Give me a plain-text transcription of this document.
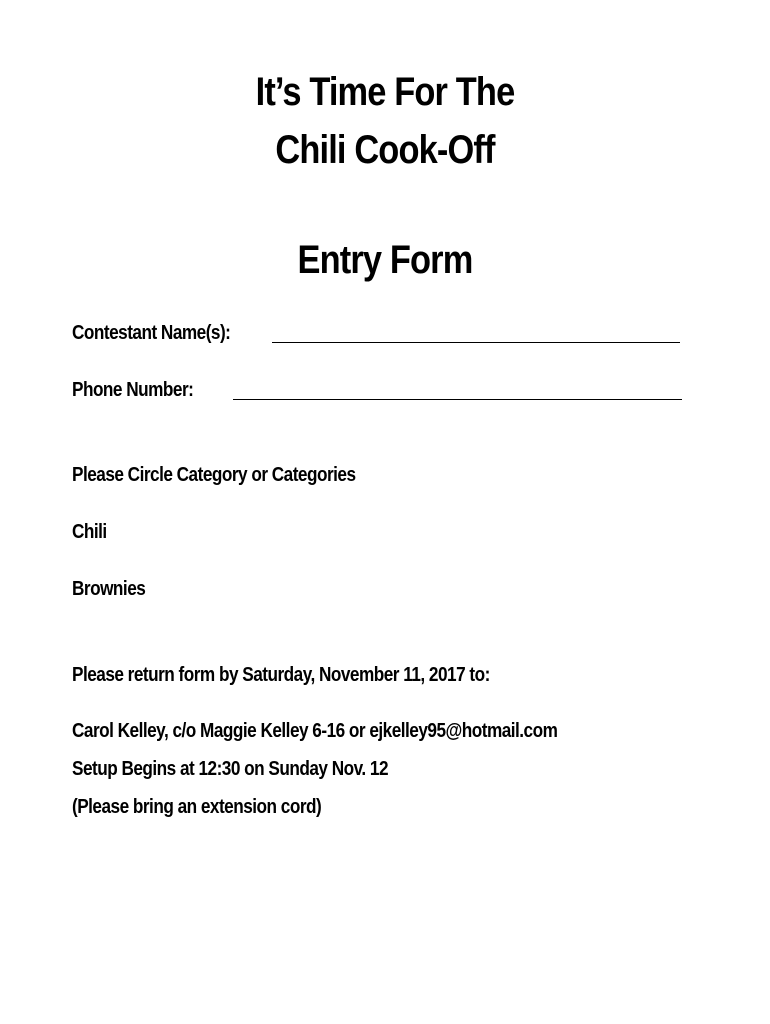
It’s Time For The
Chili Cook-Off
Entry Form
Contestant Name(s):
Phone Number:
Please Circle Category or Categories
Chili
Brownies
Please return form by Saturday, November 11, 2017 to:
Carol Kelley, c/o Maggie Kelley 6-16 or ejkelley95@hotmail.com
Setup Begins at 12:30 on Sunday Nov. 12
(Please bring an extension cord)
